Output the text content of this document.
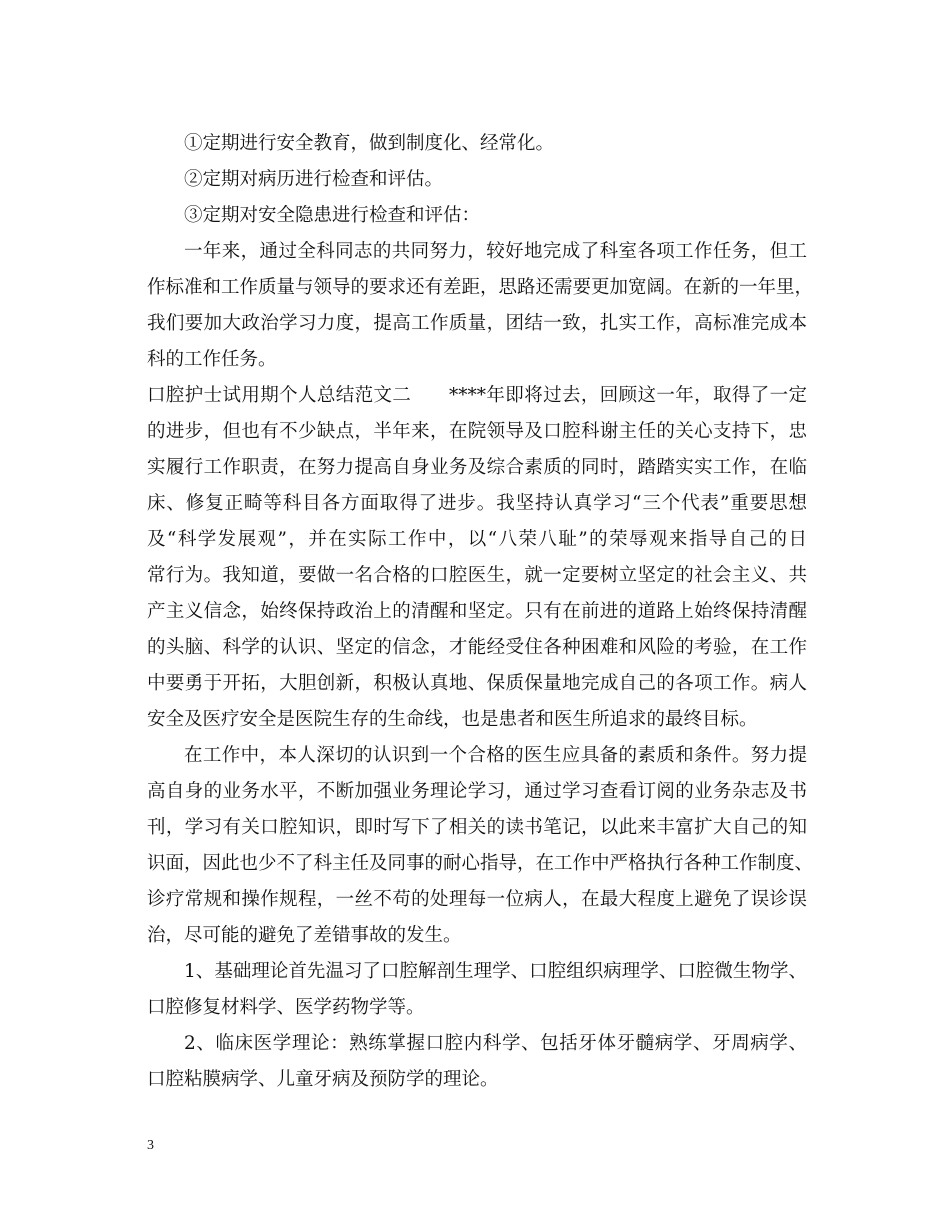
①定期进行安全教育，做到制度化、经常化。
②定期对病历进行检查和评估。
③定期对安全隐患进行检查和评估：
一年来，通过全科同志的共同努力，较好地完成了科室各项工作任务，但工
作标准和工作质量与领导的要求还有差距，思路还需要更加宽阔。在新的一年里，
我们要加大政治学习力度，提高工作质量，团结一致，扎实工作，高标准完成本
科的工作任务。
口腔护士试用期个人总结范文二　　****年即将过去，回顾这一年，取得了一定
的进步，但也有不少缺点，半年来，在院领导及口腔科谢主任的关心支持下，忠
实履行工作职责，在努力提高自身业务及综合素质的同时，踏踏实实工作，在临
床、修复正畸等科目各方面取得了进步。我坚持认真学习“三个代表”重要思想
及“科学发展观”，并在实际工作中，以“八荣八耻”的荣辱观来指导自己的日
常行为。我知道，要做一名合格的口腔医生，就一定要树立坚定的社会主义、共
产主义信念，始终保持政治上的清醒和坚定。只有在前进的道路上始终保持清醒
的头脑、科学的认识、坚定的信念，才能经受住各种困难和风险的考验，在工作
中要勇于开拓，大胆创新，积极认真地、保质保量地完成自己的各项工作。病人
安全及医疗安全是医院生存的生命线，也是患者和医生所追求的最终目标。
在工作中，本人深切的认识到一个合格的医生应具备的素质和条件。努力提
高自身的业务水平，不断加强业务理论学习，通过学习查看订阅的业务杂志及书
刊，学习有关口腔知识，即时写下了相关的读书笔记，以此来丰富扩大自己的知
识面，因此也少不了科主任及同事的耐心指导，在工作中严格执行各种工作制度、
诊疗常规和操作规程，一丝不苟的处理每一位病人，在最大程度上避免了误诊误
治，尽可能的避免了差错事故的发生。
1、基础理论首先温习了口腔解剖生理学、口腔组织病理学、口腔微生物学、
口腔修复材料学、医学药物学等。
2、临床医学理论：熟练掌握口腔内科学、包括牙体牙髓病学、牙周病学、
口腔粘膜病学、儿童牙病及预防学的理论。
3
